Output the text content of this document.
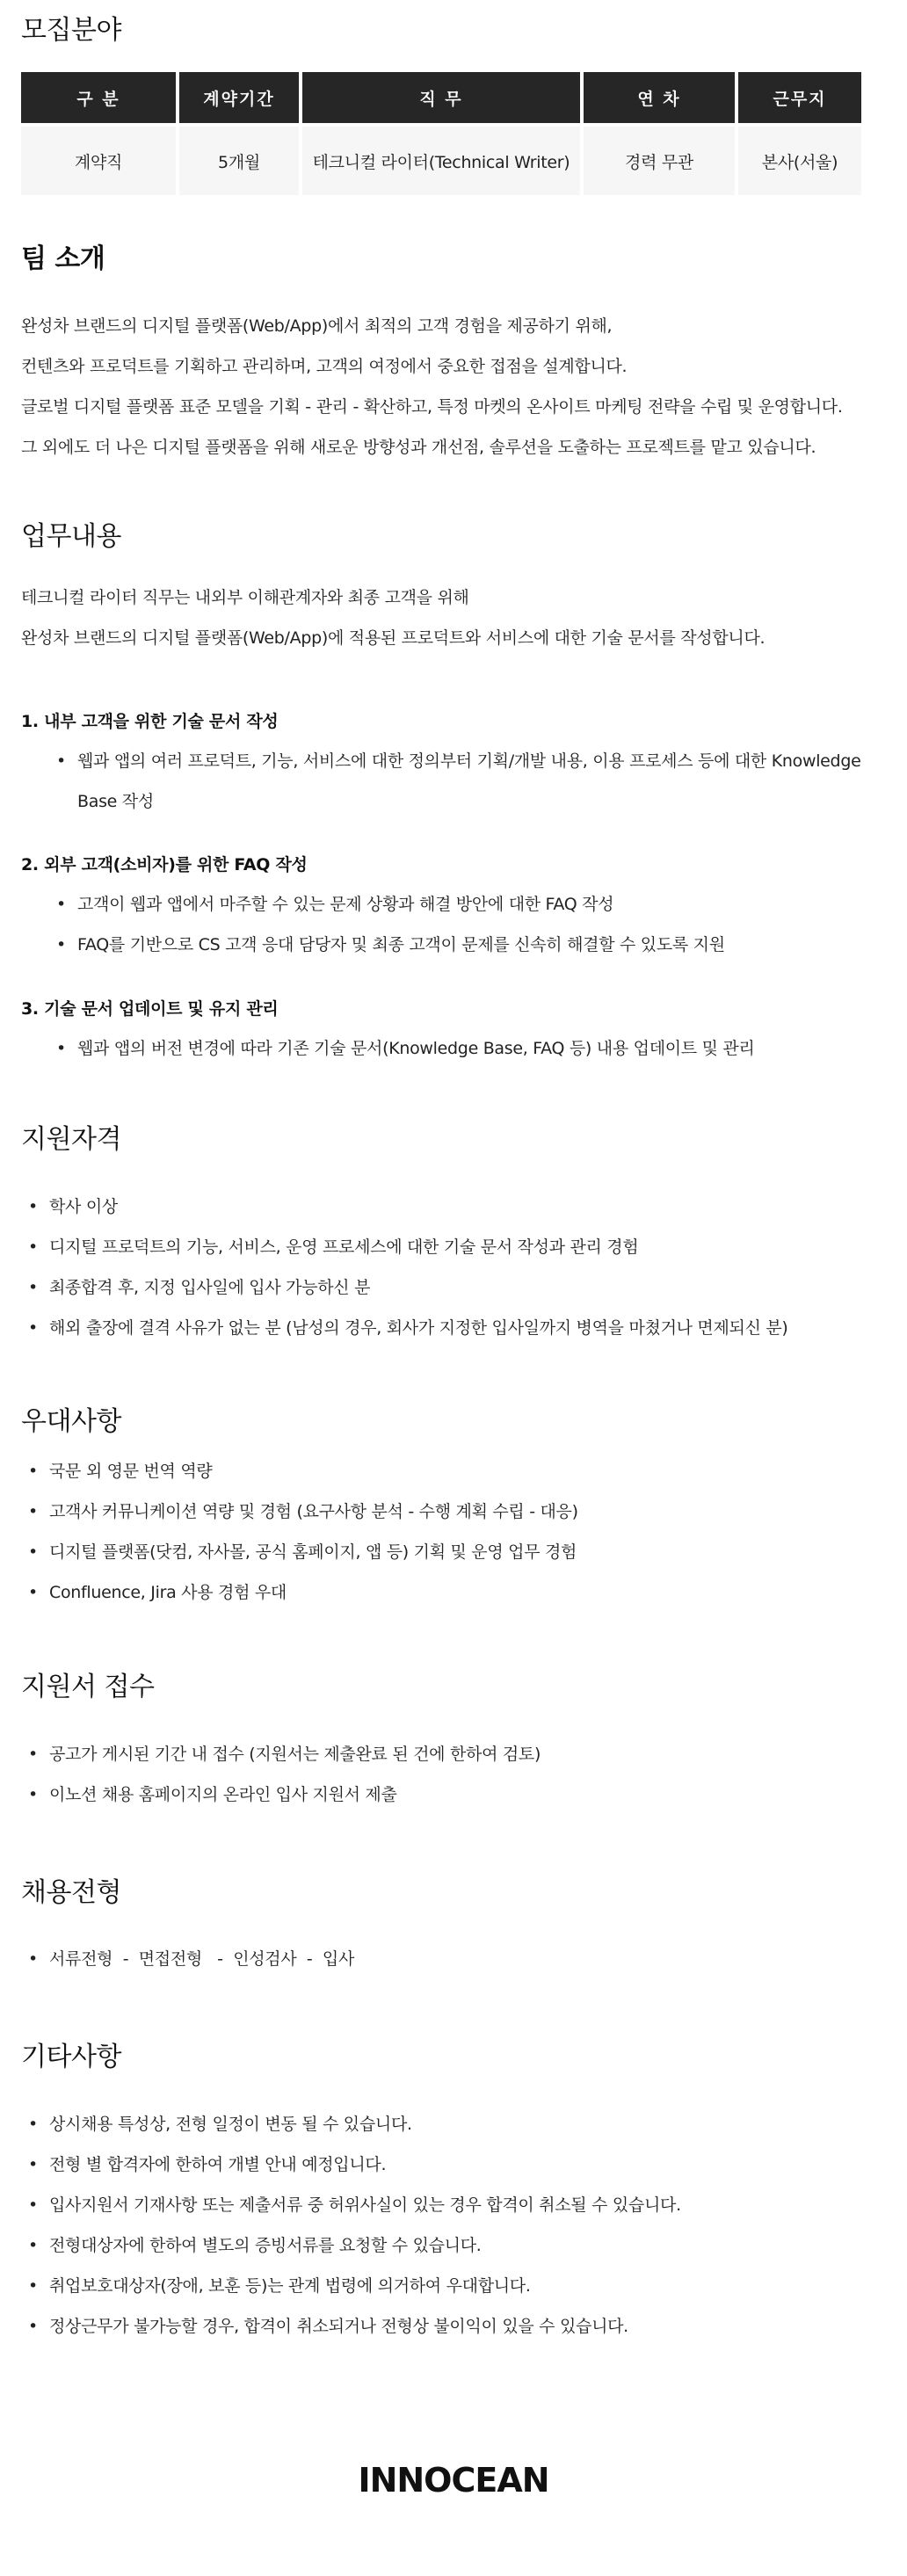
모집분야
구 분	계약기간	직 무	연 차	근무지
계약직	5개월	테크니컬 라이터(Technical Writer)	경력 무관	본사(서울)
팀 소개
완성차 브랜드의 디지털 플랫폼(Web/App)에서 최적의 고객 경험을 제공하기 위해,
컨텐츠와 프로덕트를 기획하고 관리하며, 고객의 여정에서 중요한 접점을 설계합니다.
글로벌 디지털 플랫폼 표준 모델을 기획 - 관리 - 확산하고, 특정 마켓의 온사이트 마케팅 전략을 수립 및 운영합니다.
그 외에도 더 나은 디지털 플랫폼을 위해 새로운 방향성과 개선점, 솔루션을 도출하는 프로젝트를 맡고 있습니다.
업무내용
테크니컬 라이터 직무는 내외부 이해관계자와 최종 고객을 위해
완성차 브랜드의 디지털 플랫폼(Web/App)에 적용된 프로덕트와 서비스에 대한 기술 문서를 작성합니다.
1. 내부 고객을 위한 기술 문서 작성
• 웹과 앱의 여러 프로덕트, 기능, 서비스에 대한 정의부터 기획/개발 내용, 이용 프로세스 등에 대한 Knowledge Base 작성
2. 외부 고객(소비자)를 위한 FAQ 작성
• 고객이 웹과 앱에서 마주할 수 있는 문제 상황과 해결 방안에 대한 FAQ 작성
• FAQ를 기반으로 CS 고객 응대 담당자 및 최종 고객이 문제를 신속히 해결할 수 있도록 지원
3. 기술 문서 업데이트 및 유지 관리
• 웹과 앱의 버전 변경에 따라 기존 기술 문서(Knowledge Base, FAQ 등) 내용 업데이트 및 관리
지원자격
• 학사 이상
• 디지털 프로덕트의 기능, 서비스, 운영 프로세스에 대한 기술 문서 작성과 관리 경험
• 최종합격 후, 지정 입사일에 입사 가능하신 분
• 해외 출장에 결격 사유가 없는 분 (남성의 경우, 회사가 지정한 입사일까지 병역을 마쳤거나 면제되신 분)
우대사항
• 국문 외 영문 번역 역량
• 고객사 커뮤니케이션 역량 및 경험 (요구사항 분석 - 수행 계획 수립 - 대응)
• 디지털 플랫폼(닷컴, 자사몰, 공식 홈페이지, 앱 등) 기획 및 운영 업무 경험
• Confluence, Jira 사용 경험 우대
지원서 접수
• 공고가 게시된 기간 내 접수 (지원서는 제출완료 된 건에 한하여 검토)
• 이노션 채용 홈페이지의 온라인 입사 지원서 제출
채용전형
• 서류전형  -  면접전형   -  인성검사  -  입사
기타사항
• 상시채용 특성상, 전형 일정이 변동 될 수 있습니다.
• 전형 별 합격자에 한하여 개별 안내 예정입니다.
• 입사지원서 기재사항 또는 제출서류 중 허위사실이 있는 경우 합격이 취소될 수 있습니다.
• 전형대상자에 한하여 별도의 증빙서류를 요청할 수 있습니다.
• 취업보호대상자(장애, 보훈 등)는 관계 법령에 의거하여 우대합니다.
• 정상근무가 불가능할 경우, 합격이 취소되거나 전형상 불이익이 있을 수 있습니다.
INNOCEAN
